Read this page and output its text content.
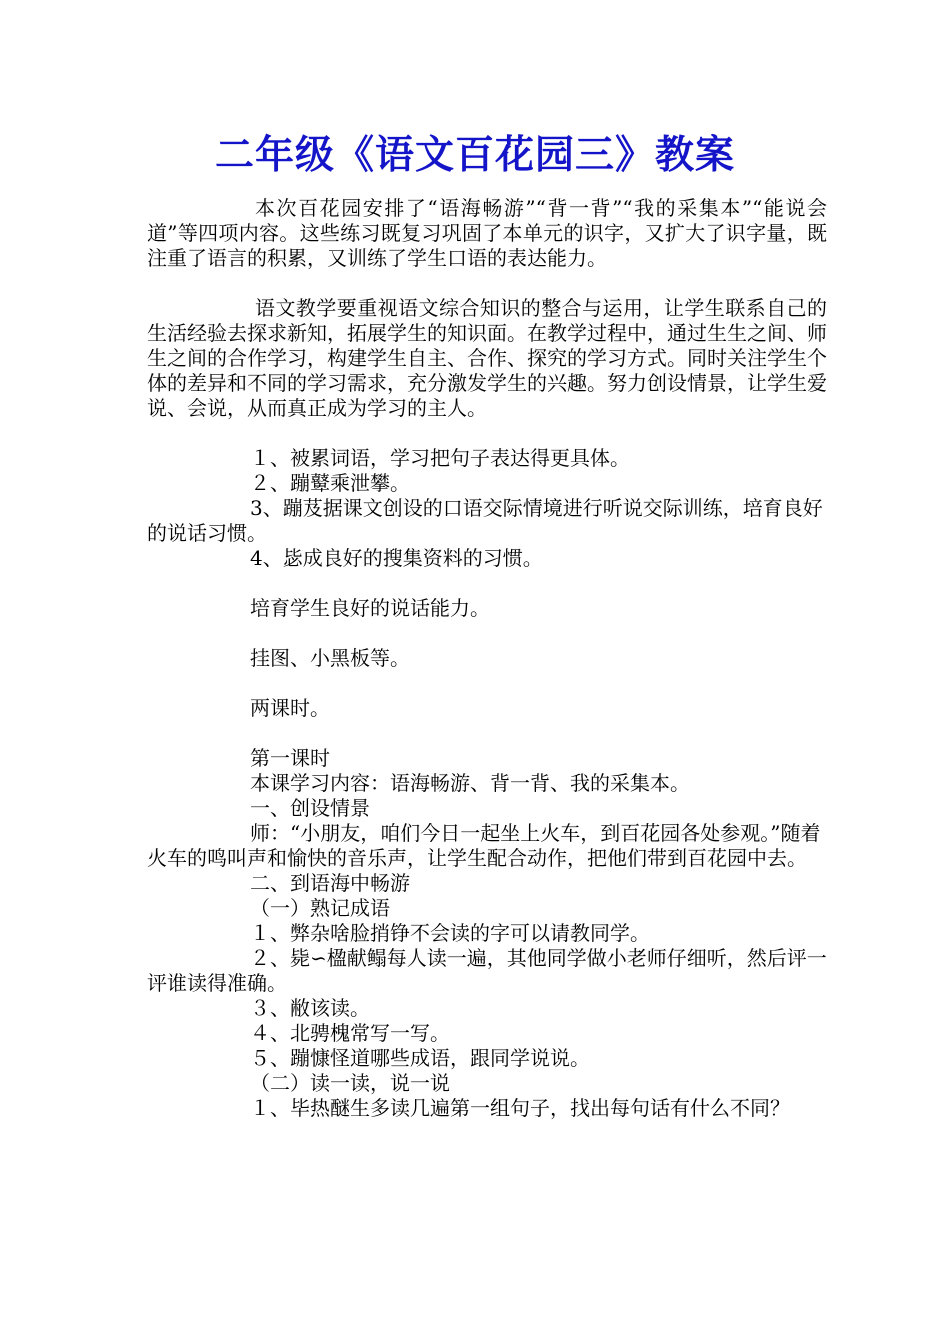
二年级《语文百花园三》教案

本次百花园安排了“语海畅游”“背一背”“我的采集本”“能说会道”等四项内容。这些练习既复习巩固了本单元的识字，又扩大了识字量，既注重了语言的积累，又训练了学生口语的表达能力。

语文教学要重视语文综合知识的整合与运用，让学生联系自己的生活经验去探求新知，拓展学生的知识面。在教学过程中，通过生生之间、师生之间的合作学习，构建学生自主、合作、探究的学习方式。同时关注学生个体的差异和不同的学习需求，充分激发学生的兴趣。努力创设情景，让学生爱说、会说，从而真正成为学习的主人。

１、被累词语，学习把句子表达得更具体。

２、蹦鼙乘泄攀。

3、蹦芨据课文创设的口语交际情境进行听说交际训练，培育良好的说话习惯。

4、毖成良好的搜集资料的习惯。

培育学生良好的说话能力。

挂图、小黑板等。

两课时。

第一课时

本课学习内容：语海畅游、背一背、我的采集本。

一、创设情景

师：“小朋友，咱们今日一起坐上火车，到百花园各处参观。”随着火车的鸣叫声和愉快的音乐声，让学生配合动作，把他们带到百花园中去。

二、到语海中畅游

（一）熟记成语

１、弊杂啥脸捎铮不会读的字可以请教同学。

２、毙∽楹献鳎每人读一遍，其他同学做小老师仔细听，然后评一评谁读得准确。

３、敝该读。

４、北骋槐常写一写。

５、蹦慷怪道哪些成语，跟同学说说。

（二）读一读，说一说

１、毕热醚生多读几遍第一组句子，找出每句话有什么不同？
